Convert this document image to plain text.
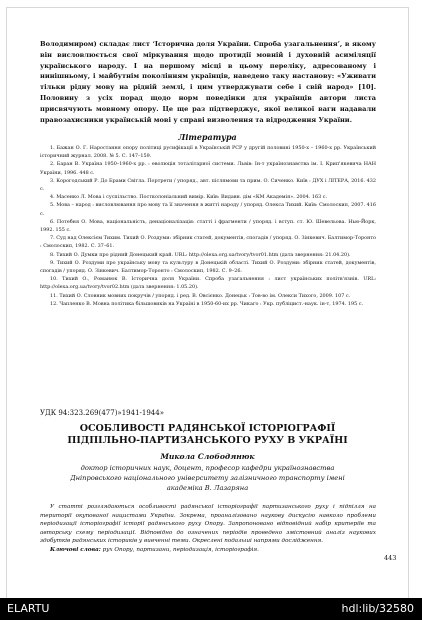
Володимиром) складає лист ‘Історична доля України. Спроба узагальнення’, в якому він висловлюється свої міркування щодо протидії мовній і духовній асиміляції українського народу. І на першому місці в цьому переліку, адресованому і нинішньому, і майбутнім поколінням українців, наведено таку настанову: «Уживати тільки рідну мову на рідній землі, і цим утверджувати себе і свій народ» [10]. Половину з усіх порад щодо норм поведінки для українців автори листа присвячують мовному опору. Це ще раз підтверджує, якої великої ваги надавали правозахисники українській мові у справі визволення та відродження України.

Література

1. Бажан О. Г. Наростання опору політиці русифікації в Українській РСР у другій половині 1950-х – 1960-х рр. Український історичний журнал. 2008. № 5. С. 147–159.

2. Баран В. Україна 1950–1960-х рр. : еволюція тоталітарної системи. Львів: Ін-т українознавства ім. І. Крип'якевича НАН України, 1996. 448 с.

3. Корогодський Р. До Брами Світла. Портрети / упоряд., авт. післямови та прим. О. Сиченко. Київ : ДУХ і ЛІТЕРА, 2016. 432 с.

4. Масенко Л. Мова і суспільство. Постколоніальний вимір. Київ: Видавн. дім «КМ Академія». 2004. 163 с.

5. Мова – народ : висловлювання про мову та її значення в житті народу / упоряд. Олекса Тихий. Київ: Смолоскип, 2007. 416 с.

6. Потебня О. Мова, національність, денаціоналізація: статті і фрагменти / упоряд. і вступ. ст. Ю. Шевельова. Нью-Йорк, 1992. 155 с.

7. Суд над Олексієм Тихим. Тихий О. Роздуми: збірник статей, документів, спогадів / упоряд. О. Зінкевич. Балтимор-Торонто : Смолоскип, 1982. С. 37–61.

8. Тихий О. Думки про рідний Донецький край. URL: http://olexa.org.ua/tvory/tvor01.htm (дата звернення: 21.04.20).

9. Тихий О. Роздуми про українську мову та культуру в Донецькій області. Тихий О. Роздуми: збірник статей, документів, спогадів / упоряд. О. Зінкевич. Балтимор-Торонто : Смолоскип, 1982. С. 9–26.

10. Тихий О., Романюк В. Історична доля України. Спроба узагальнення : лист українських політв'язнів. URL: http://olexa.org.ua/tvory/tvor02.htm (дата звернення: 1.05.20).

11. Тихий О. Словник мовних покручів / упоряд. і ред. В. Овсієнко. Донецьк : Тов-во ім. Олекси Тихого, 2009. 107 с.

12. Чапленко В. Мовна політика більшовиків на Україні в 1950-60-их рр. Чикаґо : Укр. публіцист.-наук. ін-т, 1974. 195 с.

УДК 94:323.269(477)»1941-1944»
ОСОБЛИВОСТІ РАДЯНСЬКОЇ ІСТОРІОГРАФІЇ
ПІДПІЛЬНО-ПАРТИЗАНСЬКОГО РУХУ В УКРАЇНІ
Микола Слободянюк
доктор історичних наук, доцент, професор кафедри українознавства Дніпровського національного університету залізничного транспорту імені академіка В. Лазаряна

У статті розглядаються особливості радянської історіографії партизанського руху і підпілля на території окупованої нацистами України. Зокрема, проаналізовано наукову дискусію навколо проблеми періодизації історіографії історії радянського руху Опору. Запропоновано відповідний набір критеріїв та авторську схему періодизації. Відповідно до означених періодів проведено змістовний аналіз наукових здобутків радянських істориків у вивченні теми. Окреслені подальші напрями дослідження.

Ключові слова: рух Опору, партизани, періодизація, історіографія.

443
ELARTU	hdl:lib/32580
